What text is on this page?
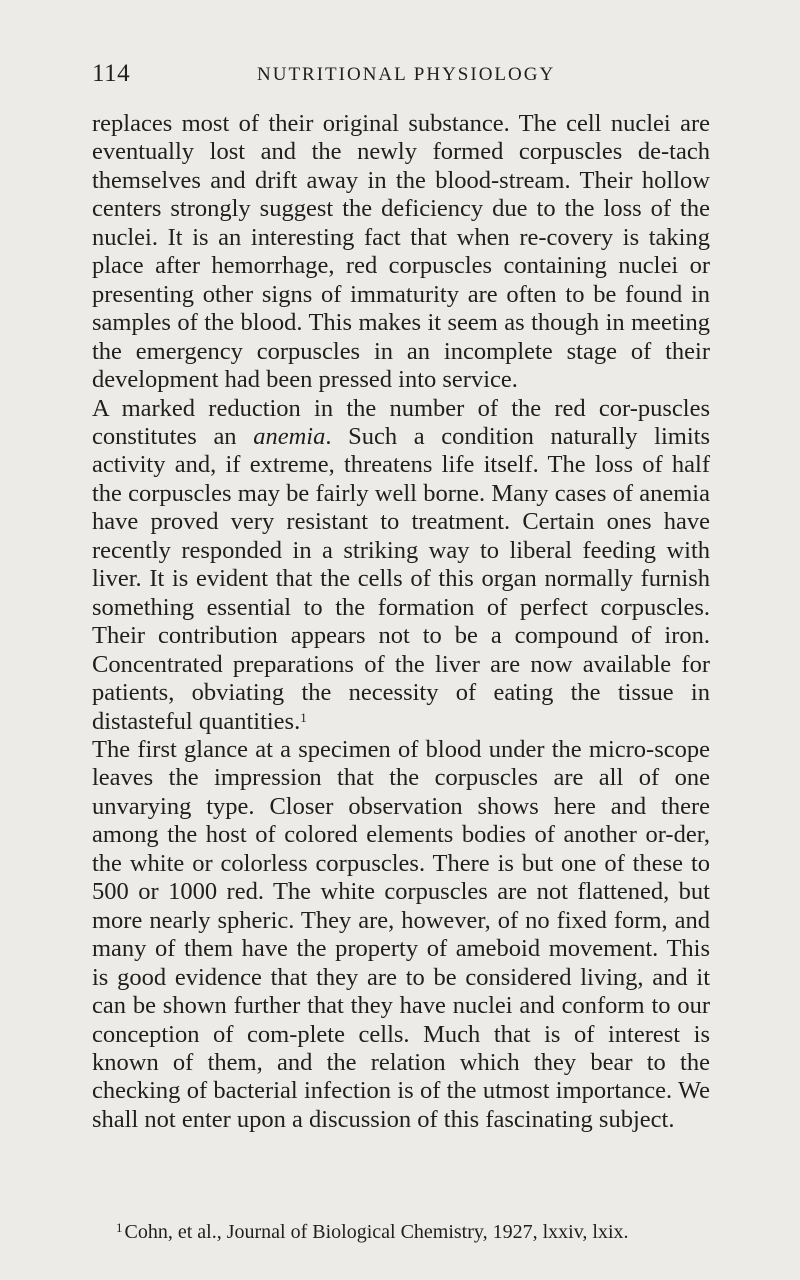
114	NUTRITIONAL PHYSIOLOGY

replaces most of their original substance. The cell nuclei are eventually lost and the newly formed corpuscles de-tach themselves and drift away in the blood-stream. Their hollow centers strongly suggest the deficiency due to the loss of the nuclei. It is an interesting fact that when re-covery is taking place after hemorrhage, red corpuscles containing nuclei or presenting other signs of immaturity are often to be found in samples of the blood. This makes it seem as though in meeting the emergency corpuscles in an incomplete stage of their development had been pressed into service.

A marked reduction in the number of the red cor-puscles constitutes an anemia. Such a condition naturally limits activity and, if extreme, threatens life itself. The loss of half the corpuscles may be fairly well borne. Many cases of anemia have proved very resistant to treatment. Certain ones have recently responded in a striking way to liberal feeding with liver. It is evident that the cells of this organ normally furnish something essential to the formation of perfect corpuscles. Their contribution appears not to be a compound of iron. Concentrated preparations of the liver are now available for patients, obviating the necessity of eating the tissue in distasteful quantities.$^1$

The first glance at a specimen of blood under the micro-scope leaves the impression that the corpuscles are all of one unvarying type. Closer observation shows here and there among the host of colored elements bodies of another or-der, the white or colorless corpuscles. There is but one of these to 500 or 1000 red. The white corpuscles are not flattened, but more nearly spheric. They are, however, of no fixed form, and many of them have the property of ameboid movement. This is good evidence that they are to be considered living, and it can be shown further that they have nuclei and conform to our conception of com-plete cells. Much that is of interest is known of them, and the relation which they bear to the checking of bacterial infection is of the utmost importance. We shall not enter upon a discussion of this fascinating subject.

$^1$ Cohn, et al., Journal of Biological Chemistry, 1927, lxxiv, lxix.
